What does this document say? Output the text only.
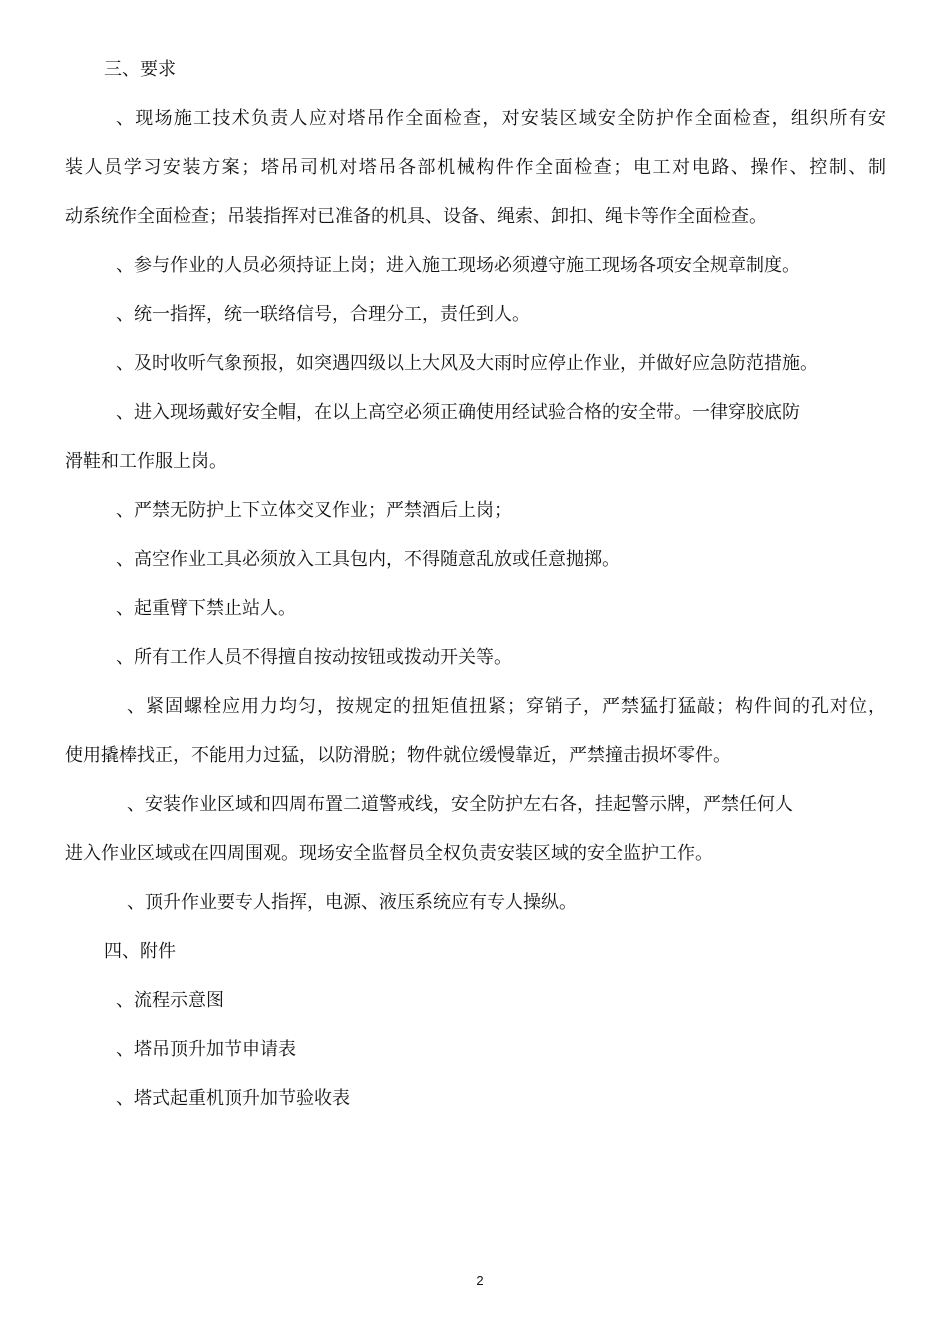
三、要求
、现场施工技术负责人应对塔吊作全面检查，对安装区域安全防护作全面检查，组织所有安
装人员学习安装方案；塔吊司机对塔吊各部机械构件作全面检查；电工对电路、操作、控制、制
动系统作全面检查；吊装指挥对已准备的机具、设备、绳索、卸扣、绳卡等作全面检查。
、参与作业的人员必须持证上岗；进入施工现场必须遵守施工现场各项安全规章制度。
、统一指挥，统一联络信号，合理分工，责任到人。
、及时收听气象预报，如突遇四级以上大风及大雨时应停止作业，并做好应急防范措施。
、进入现场戴好安全帽，在以上高空必须正确使用经试验合格的安全带。一律穿胶底防
滑鞋和工作服上岗。
、严禁无防护上下立体交叉作业；严禁酒后上岗；
、高空作业工具必须放入工具包内，不得随意乱放或任意抛掷。
、起重臂下禁止站人。
、所有工作人员不得擅自按动按钮或拨动开关等。
、紧固螺栓应用力均匀，按规定的扭矩值扭紧；穿销子，严禁猛打猛敲；构件间的孔对位，
使用撬棒找正，不能用力过猛，以防滑脱；物件就位缓慢靠近，严禁撞击损坏零件。
、安装作业区域和四周布置二道警戒线，安全防护左右各，挂起警示牌，严禁任何人
进入作业区域或在四周围观。现场安全监督员全权负责安装区域的安全监护工作。
、顶升作业要专人指挥，电源、液压系统应有专人操纵。
四、附件
、流程示意图
、塔吊顶升加节申请表
、塔式起重机顶升加节验收表
2
